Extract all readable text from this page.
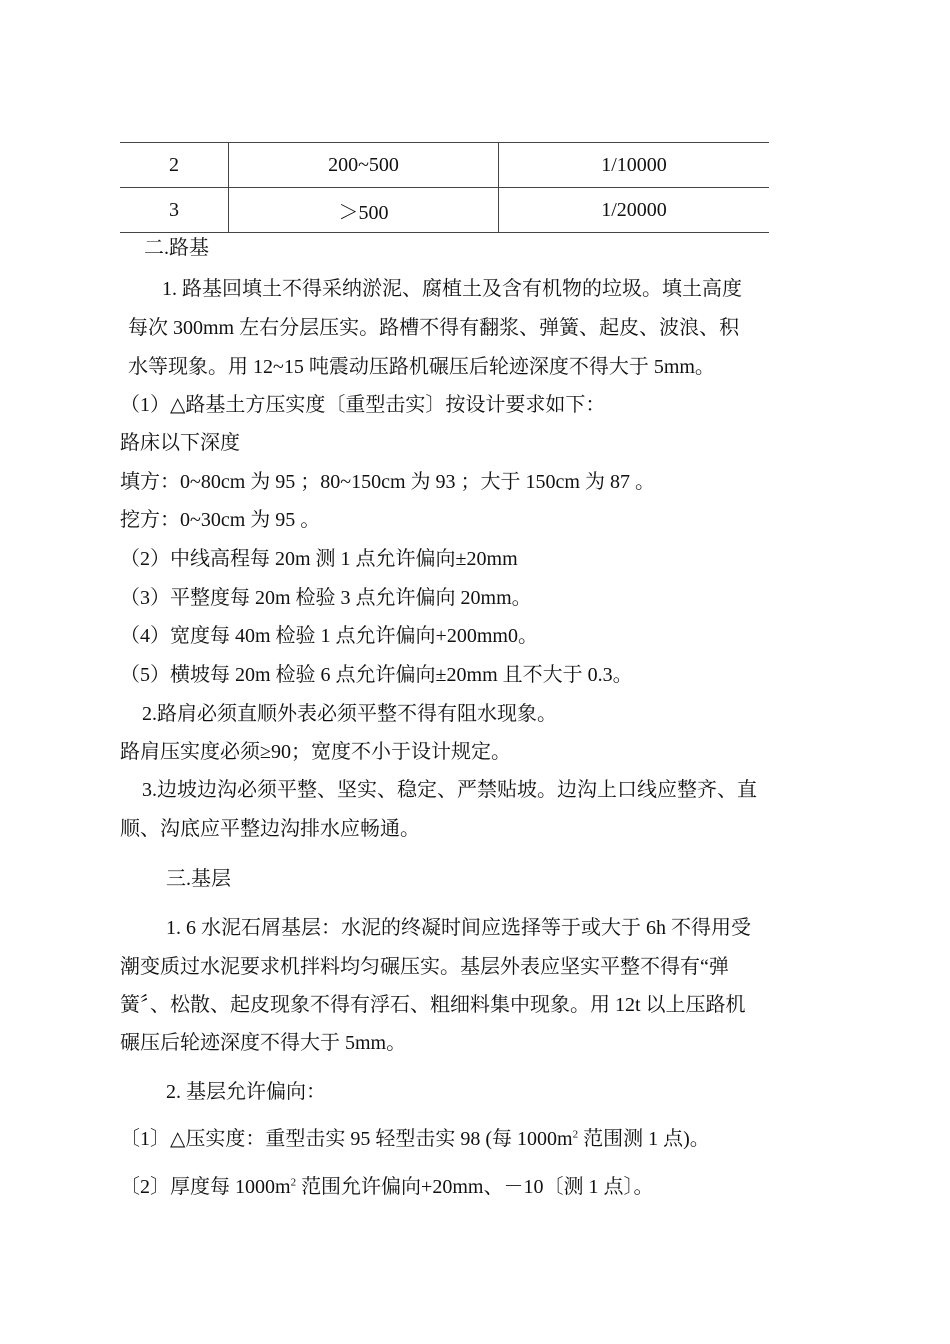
2	200~500	1/10000
3	＞500	1/20000
二.路基
1. 路基回填土不得采纳淤泥、腐植土及含有机物的垃圾。填土高度
每次 300mm 左右分层压实。路槽不得有翻浆、弹簧、起皮、波浪、积
水等现象。用 12~15 吨震动压路机碾压后轮迹深度不得大于 5mm。
（1）△路基土方压实度〔重型击实〕按设计要求如下：
路床以下深度
填方：0~80cm 为 95 ；80~150cm 为 93 ；大于 150cm 为 87 。
挖方：0~30cm 为 95 。
（2）中线高程每 20m 测 1 点允许偏向±20mm
（3）平整度每 20m 检验 3 点允许偏向 20mm。
（4）宽度每 40m 检验 1 点允许偏向+200mm0。
（5）横坡每 20m 检验 6 点允许偏向±20mm 且不大于 0.3。
2.路肩必须直顺外表必须平整不得有阻水现象。
路肩压实度必须≥90；宽度不小于设计规定。
3.边坡边沟必须平整、坚实、稳定、严禁贴坡。边沟上口线应整齐、直
顺、沟底应平整边沟排水应畅通。
三.基层
1. 6 水泥石屑基层：水泥的终凝时间应选择等于或大于 6h 不得用受
潮变质过水泥要求机拌料均匀碾压实。基层外表应坚实平整不得有“弹
簧〞、松散、起皮现象不得有浮石、粗细料集中现象。用 12t 以上压路机
碾压后轮迹深度不得大于 5mm。
2. 基层允许偏向：
〔1〕△压实度：重型击实 95 轻型击实 98 (每 $1000m^2$ 范围测 1 点)。
〔2〕厚度每 $1000m^2$ 范围允许偏向+20mm、－10〔测 1 点〕。
